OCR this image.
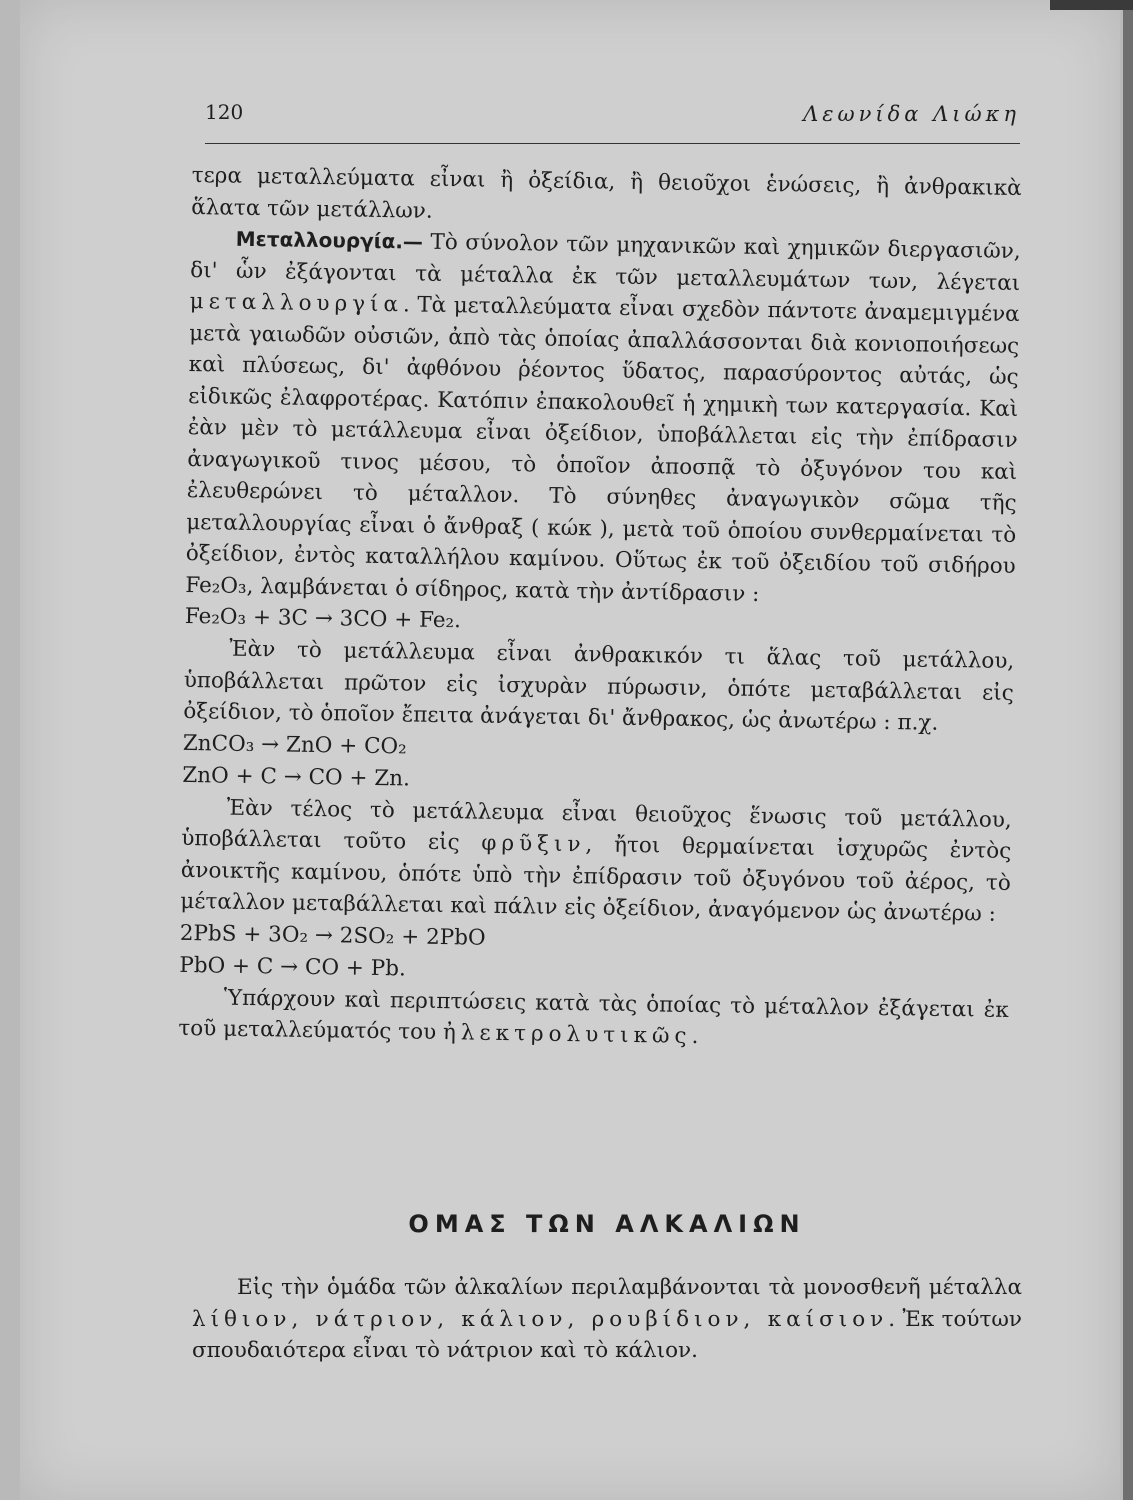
120	Λεωνίδα Λιώκη

τερα μεταλλεύματα εἶναι ἢ ὀξείδια, ἢ θειοῦχοι ἑνώσεις, ἢ ἀνθρακικὰ ἅλατα τῶν μετάλλων.

Μεταλλουργία.— Τὸ σύνολον τῶν μηχανικῶν καὶ χημικῶν διεργασιῶν, δι' ὧν ἐξάγονται τὰ μέταλλα ἐκ τῶν μεταλλευμάτων των, λέγεται μεταλλουργία. Τὰ μεταλλεύματα εἶναι σχεδὸν πάντοτε ἀναμεμιγμένα μετὰ γαιωδῶν οὐσιῶν, ἀπὸ τὰς ὁποίας ἀπαλλάσσονται διὰ κονιοποιήσεως καὶ πλύσεως, δι' ἀφθόνου ῥέοντος ὕδατος, παρασύροντος αὐτάς, ὡς εἰδικῶς ἐλαφροτέρας. Κατόπιν ἐπακολουθεῖ ἡ χημικὴ των κατεργασία. Καὶ ἐὰν μὲν τὸ μετάλλευμα εἶναι ὀξείδιον, ὑποβάλλεται εἰς τὴν ἐπίδρασιν ἀναγωγικοῦ τινος μέσου, τὸ ὁποῖον ἀποσπᾷ τὸ ὀξυγόνον του καὶ ἐλευθερώνει τὸ μέταλλον. Τὸ σύνηθες ἀναγωγικὸν σῶμα τῆς μεταλλουργίας εἶναι ὁ ἄνθραξ ( κώκ ), μετὰ τοῦ ὁποίου συνθερμαίνεται τὸ ὀξείδιον, ἐντὸς καταλλήλου καμίνου. Οὕτως ἐκ τοῦ ὀξειδίου τοῦ σιδήρου Fe₂O₃, λαμβάνεται ὁ σίδηρος, κατὰ τὴν ἀντίδρασιν :

Fe₂O₃ + 3C → 3CO + Fe₂.

Ἐὰν τὸ μετάλλευμα εἶναι ἀνθρακικόν τι ἅλας τοῦ μετάλλου, ὑποβάλλεται πρῶτον εἰς ἰσχυρὰν πύρωσιν, ὁπότε μεταβάλλεται εἰς ὀξείδιον, τὸ ὁποῖον ἔπειτα ἀνάγεται δι' ἄνθρακος, ὡς ἀνωτέρω : π.χ.

ZnCO₃ → ZnO + CO₂

ZnO + C → CO + Zn.

Ἐὰν τέλος τὸ μετάλλευμα εἶναι θειοῦχος ἕνωσις τοῦ μετάλλου, ὑποβάλλεται τοῦτο εἰς φρῦξιν, ἤτοι θερμαίνεται ἰσχυρῶς ἐντὸς ἀνοικτῆς καμίνου, ὁπότε ὑπὸ τὴν ἐπίδρασιν τοῦ ὀξυγόνου τοῦ ἀέρος, τὸ μέταλλον μεταβάλλεται καὶ πάλιν εἰς ὀξείδιον, ἀναγόμενον ὡς ἀνωτέρω :

2PbS + 3O₂ → 2SO₂ + 2PbO

PbO + C → CO + Pb.

Ὑπάρχουν καὶ περιπτώσεις κατὰ τὰς ὁποίας τὸ μέταλλον ἐξάγεται ἐκ τοῦ μεταλλεύματός του ἠλεκτρολυτικῶς.

ΟΜΑΣ ΤΩΝ ΑΛΚΑΛΙΩΝ

Εἰς τὴν ὁμάδα τῶν ἀλκαλίων περιλαμβάνονται τὰ μονοσθενῆ μέταλλα λίθιον, νάτριον, κάλιον, ρουβίδιον, καίσιον. Ἐκ τούτων σπουδαιότερα εἶναι τὸ νάτριον καὶ τὸ κάλιον.
